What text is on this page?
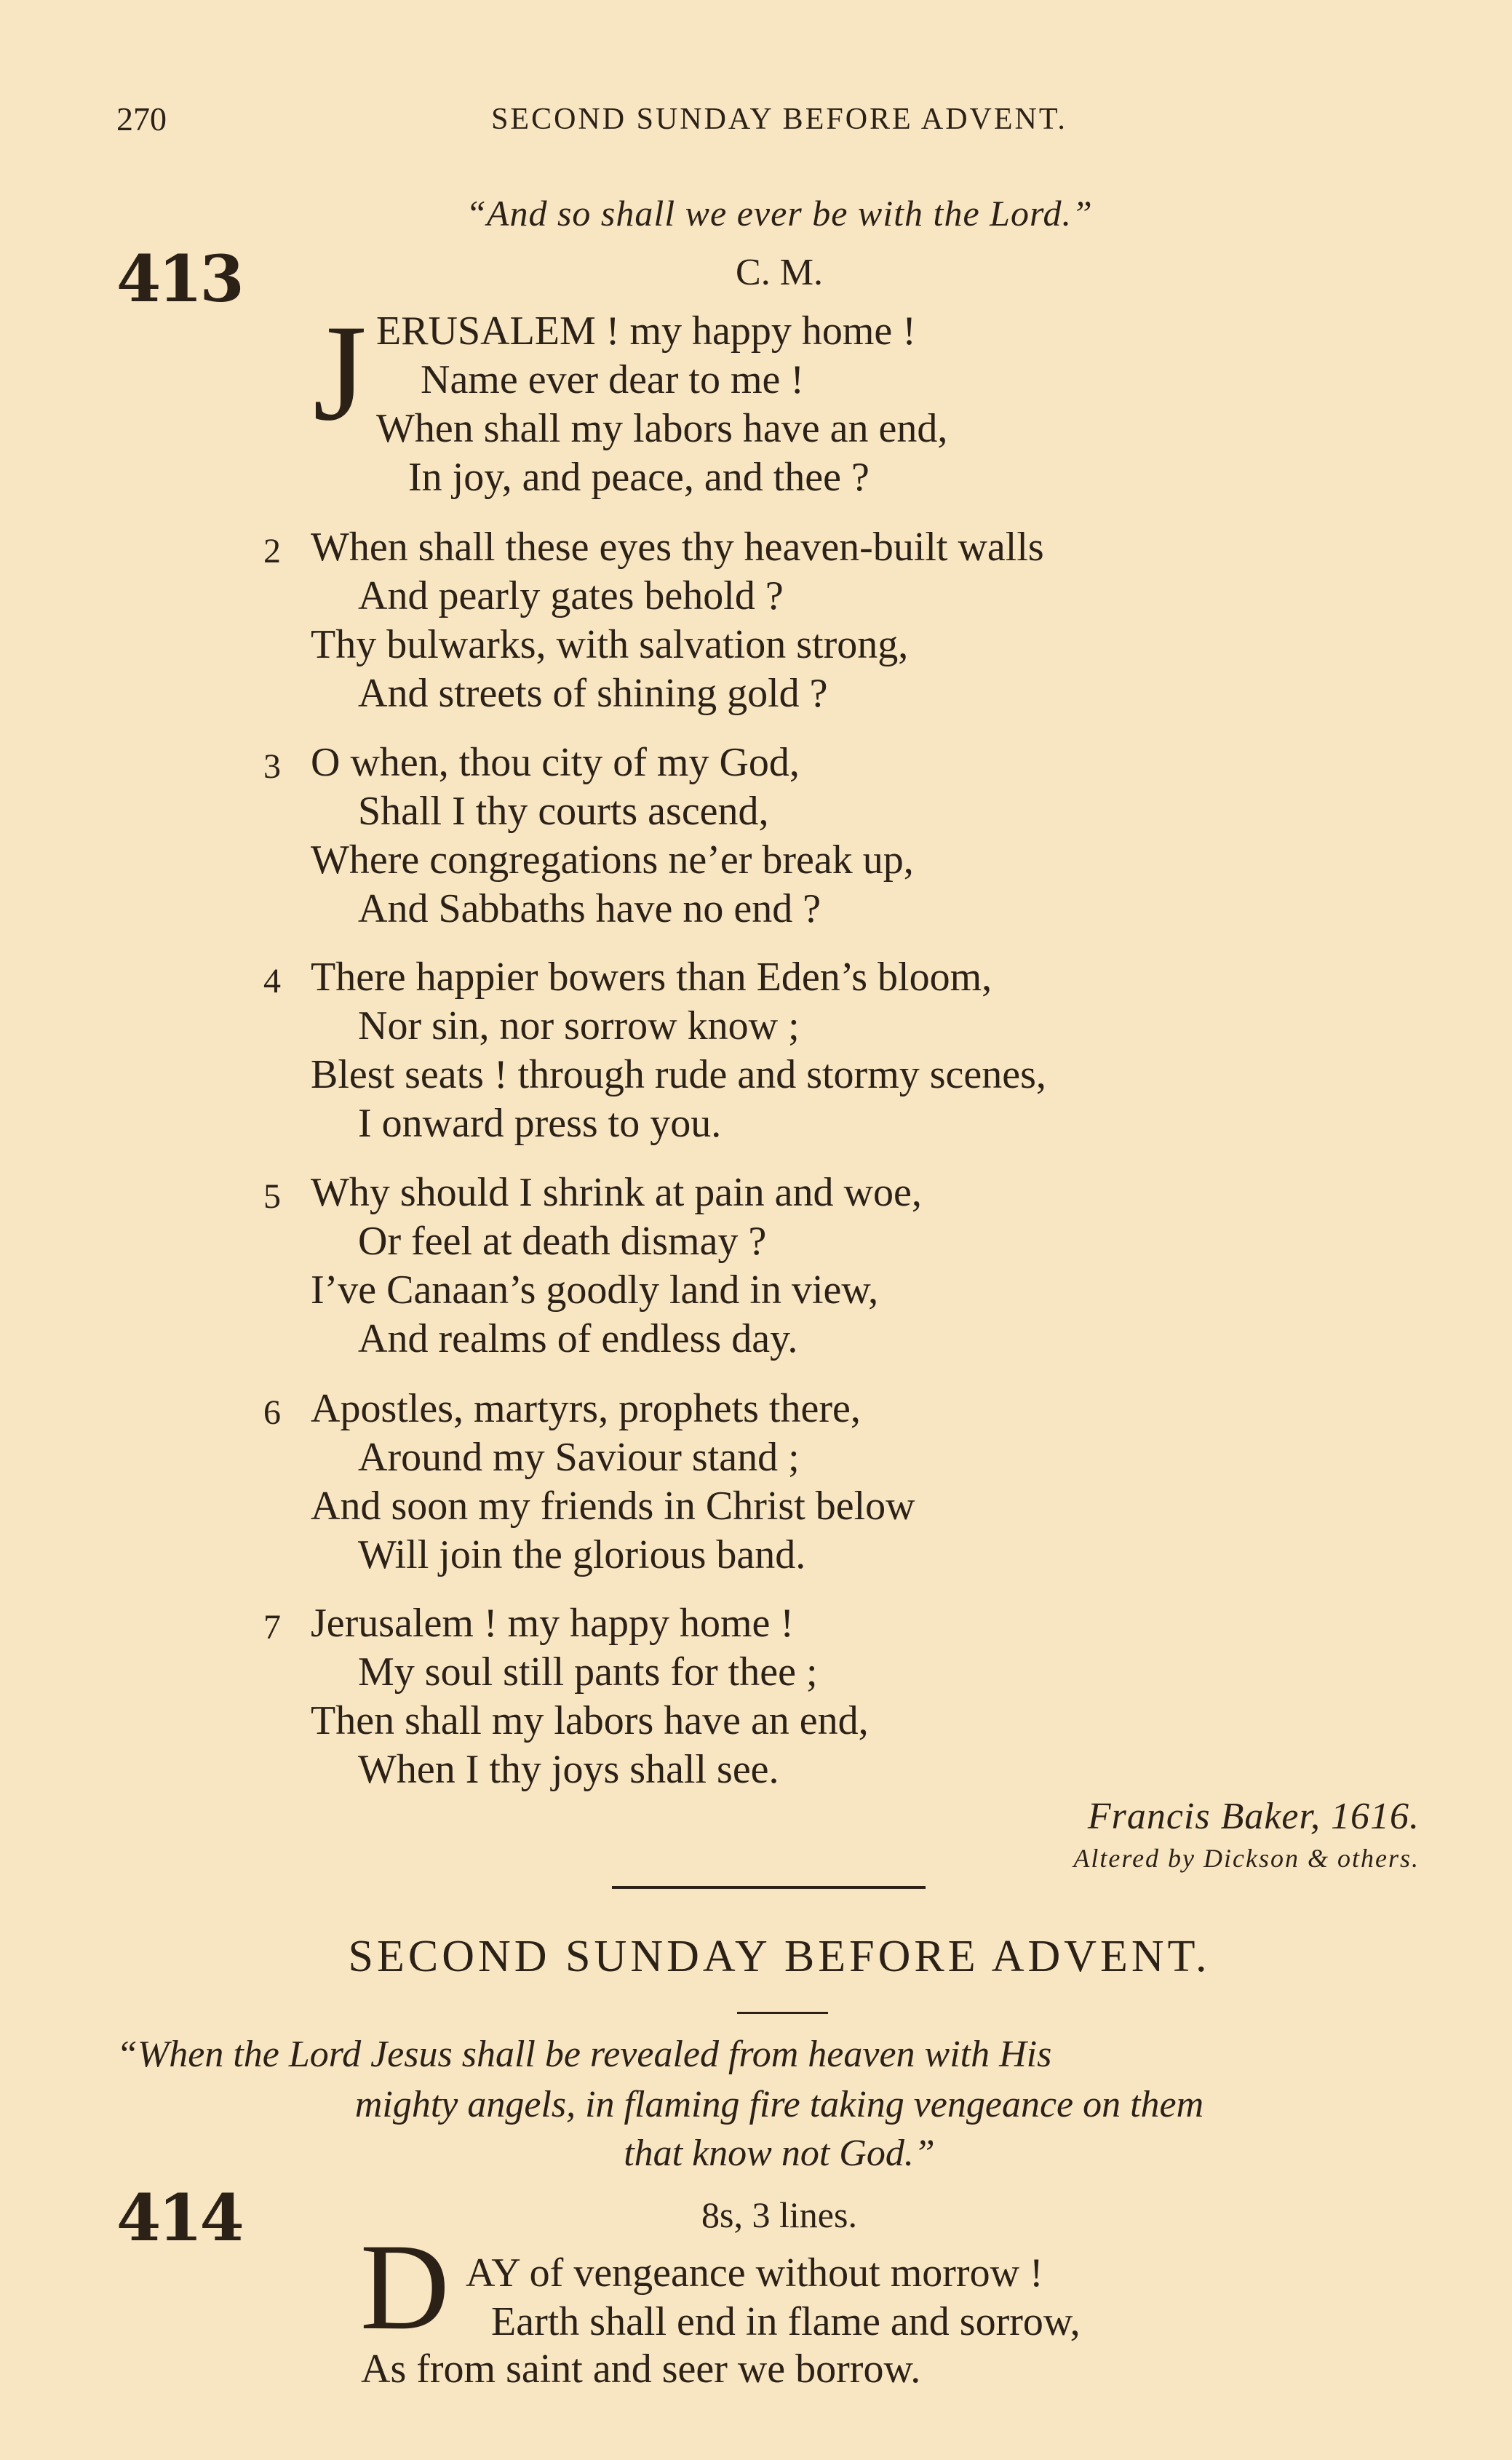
270	SECOND SUNDAY BEFORE ADVENT.
“And so shall we ever be with the Lord.”
413	C. M.
J ERUSALEM ! my happy home !
Name ever dear to me !
When shall my labors have an end,
In joy, and peace, and thee ?
2 When shall these eyes thy heaven-built walls
And pearly gates behold ?
Thy bulwarks, with salvation strong,
And streets of shining gold ?
3 O when, thou city of my God,
Shall I thy courts ascend,
Where congregations ne’er break up,
And Sabbaths have no end ?
4 There happier bowers than Eden’s bloom,
Nor sin, nor sorrow know ;
Blest seats ! through rude and stormy scenes,
I onward press to you.
5 Why should I shrink at pain and woe,
Or feel at death dismay ?
I’ve Canaan’s goodly land in view,
And realms of endless day.
6 Apostles, martyrs, prophets there,
Around my Saviour stand ;
And soon my friends in Christ below
Will join the glorious band.
7 Jerusalem ! my happy home !
My soul still pants for thee ;
Then shall my labors have an end,
When I thy joys shall see.
Francis Baker, 1616.
Altered by Dickson & others.
SECOND SUNDAY BEFORE ADVENT.
“When the Lord Jesus shall be revealed from heaven with His
mighty angels, in flaming fire taking vengeance on them
that know not God.”
414	8s, 3 lines.
D AY of vengeance without morrow !
Earth shall end in flame and sorrow,
As from saint and seer we borrow.
